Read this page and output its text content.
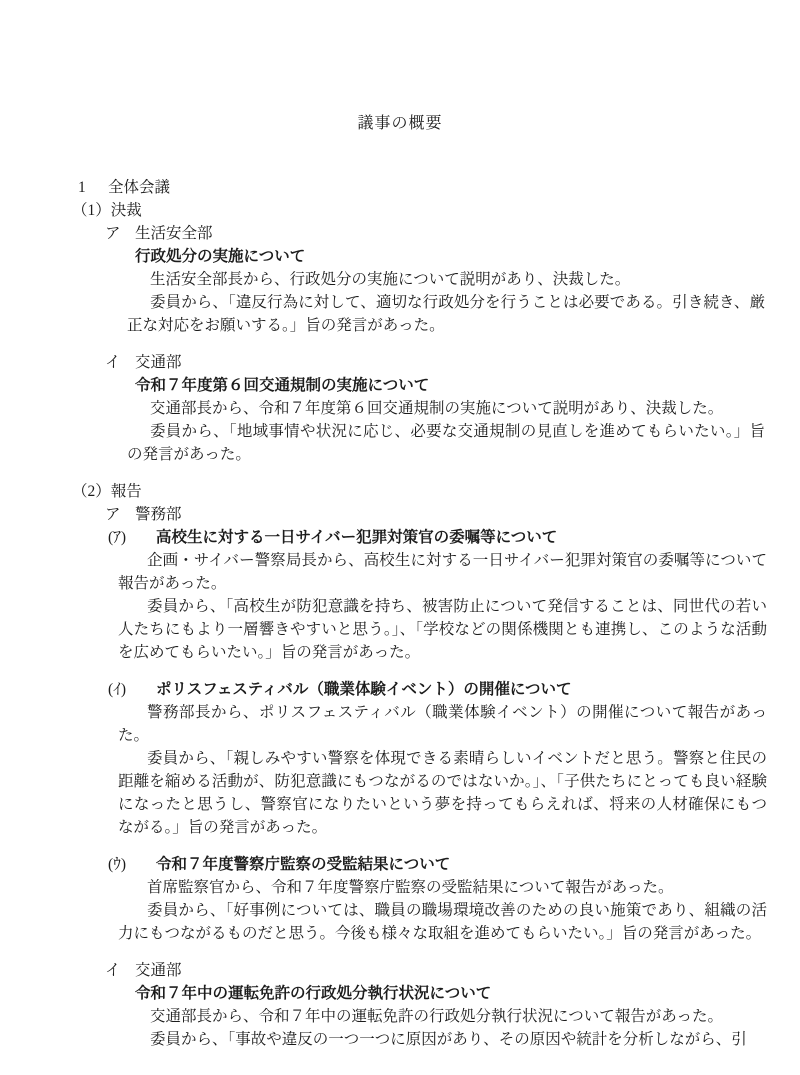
議事の概要
1 全体会議
（1）決裁
ア 生活安全部
行政処分の実施について
生活安全部長から、行政処分の実施について説明があり、決裁した。
委員から、「違反行為に対して、適切な行政処分を行うことは必要である。引き続き、厳正な対応をお願いする。」旨の発言があった。
イ 交通部
令和７年度第６回交通規制の実施について
交通部長から、令和７年度第６回交通規制の実施について説明があり、決裁した。
委員から、「地域事情や状況に応じ、必要な交通規制の見直しを進めてもらいたい。」旨の発言があった。
（2）報告
ア 警務部
(ｱ) 高校生に対する一日サイバー犯罪対策官の委嘱等について
企画・サイバー警察局長から、高校生に対する一日サイバー犯罪対策官の委嘱等について報告があった。
委員から、「高校生が防犯意識を持ち、被害防止について発信することは、同世代の若い人たちにもより一層響きやすいと思う。」、「学校などの関係機関とも連携し、このような活動を広めてもらいたい。」旨の発言があった。
(ｲ) ポリスフェスティバル（職業体験イベント）の開催について
警務部長から、ポリスフェスティバル（職業体験イベント）の開催について報告があった。
委員から、「親しみやすい警察を体現できる素晴らしいイベントだと思う。警察と住民の距離を縮める活動が、防犯意識にもつながるのではないか。」、「子供たちにとっても良い経験になったと思うし、警察官になりたいという夢を持ってもらえれば、将来の人材確保にもつながる。」旨の発言があった。
(ｳ) 令和７年度警察庁監察の受監結果について
首席監察官から、令和７年度警察庁監察の受監結果について報告があった。
委員から、「好事例については、職員の職場環境改善のための良い施策であり、組織の活力にもつながるものだと思う。今後も様々な取組を進めてもらいたい。」旨の発言があった。
イ 交通部
令和７年中の運転免許の行政処分執行状況について
交通部長から、令和７年中の運転免許の行政処分執行状況について報告があった。
委員から、「事故や違反の一つ一つに原因があり、その原因や統計を分析しながら、引
